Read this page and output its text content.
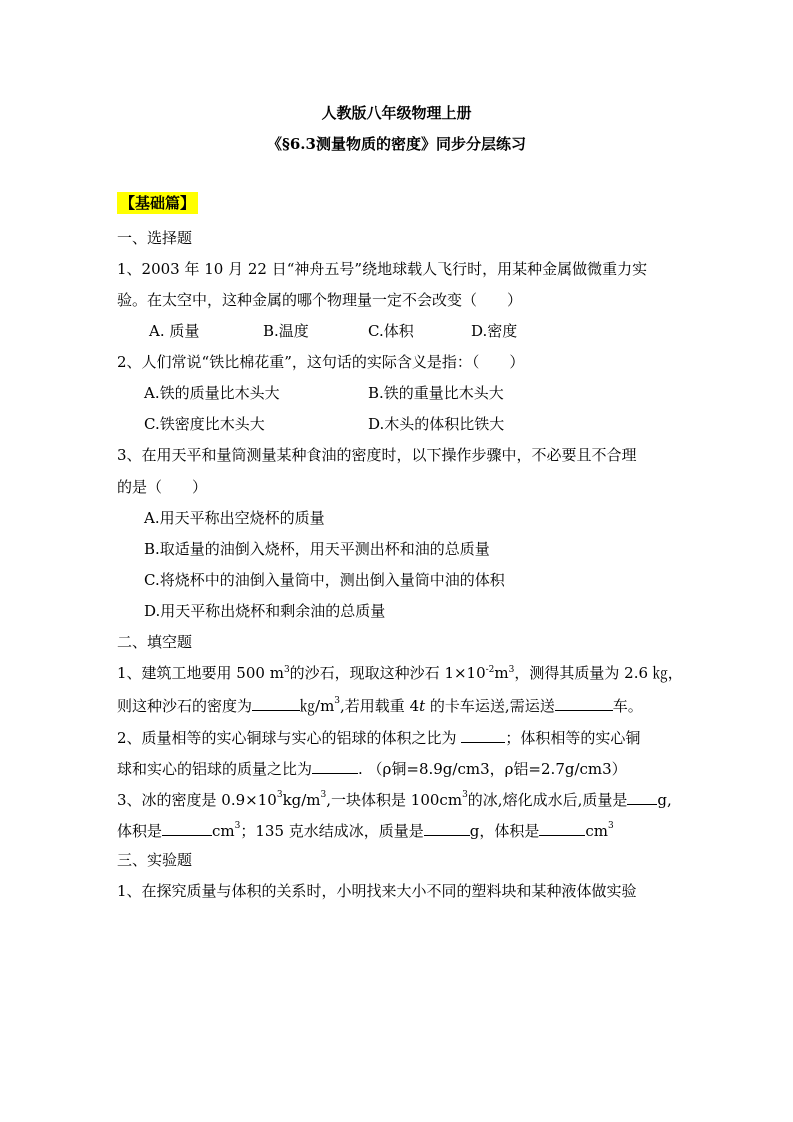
人教版八年级物理上册
《§6.3测量物质的密度》同步分层练习
【基础篇】
一、选择题
1、2003 年 10 月 22 日“神舟五号”绕地球载人飞行时，用某种金属做微重力实
验。在太空中，这种金属的哪个物理量一定不会改变（　　）
A. 质量	B.温度	C.体积	D.密度
2、人们常说“铁比棉花重”，这句话的实际含义是指：（　　）
A.铁的质量比木头大	B.铁的重量比木头大
C.铁密度比木头大	D.木头的体积比铁大
3、在用天平和量筒测量某种食油的密度时，以下操作步骤中，不必要且不合理
的是（　　）
A.用天平称出空烧杯的质量
B.取适量的油倒入烧杯，用天平测出杯和油的总质量
C.将烧杯中的油倒入量筒中，测出倒入量筒中油的体积
D.用天平称出烧杯和剩余油的总质量
二、填空题
1、建筑工地要用 500 $m^3$的沙石，现取这种沙石 $1\times 10^{-2}m^3$，测得其质量为 2.6 ㎏，
则这种沙石的密度为	$㎏/m^3$,若用载重 4t 的卡车运送,需运送	车。
2、质量相等的实心铜球与实心的铝球的体积之比为	；体积相等的实心铜
球和实心的铝球的质量之比为	. （ρ铜=8.9g/cm3，ρ铝=2.7g/cm3）
3、冰的密度是 $0.9\times 10^3kg/m^3$,一块体积是 $100cm^3$的冰,熔化成水后,质量是 g,
体积是	$cm^3$；135 克水结成冰，质量是	g，体积是	$cm^3$
三、实验题
1、在探究质量与体积的关系时，小明找来大小不同的塑料块和某种液体做实验
